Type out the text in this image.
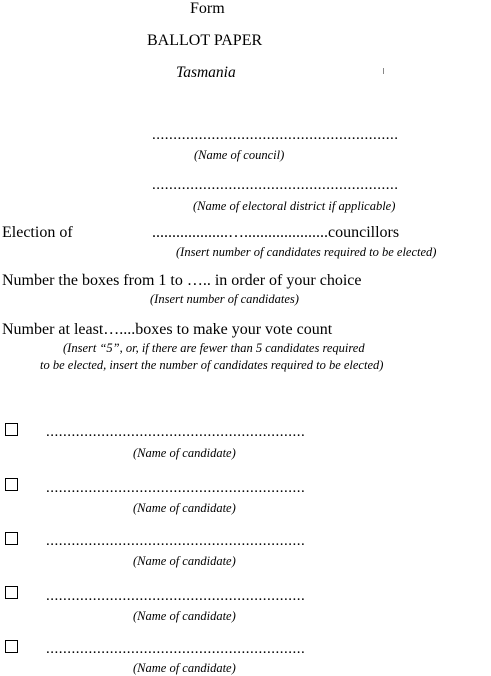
Form
BALLOT PAPER
Tasmania
..........................................................
(Name of council)
..........................................................
(Name of electoral district if applicable)
Election of	...................….....................councillors
(Insert number of candidates required to be elected)
Number the boxes from 1 to ….. in order of your choice
(Insert number of candidates)
Number at least…....boxes to make your vote count
(Insert “5”, or, if there are fewer than 5 candidates required
to be elected, insert the number of candidates required to be elected)
.............................................................
(Name of candidate)
.............................................................
(Name of candidate)
.............................................................
(Name of candidate)
.............................................................
(Name of candidate)
.............................................................
(Name of candidate)
